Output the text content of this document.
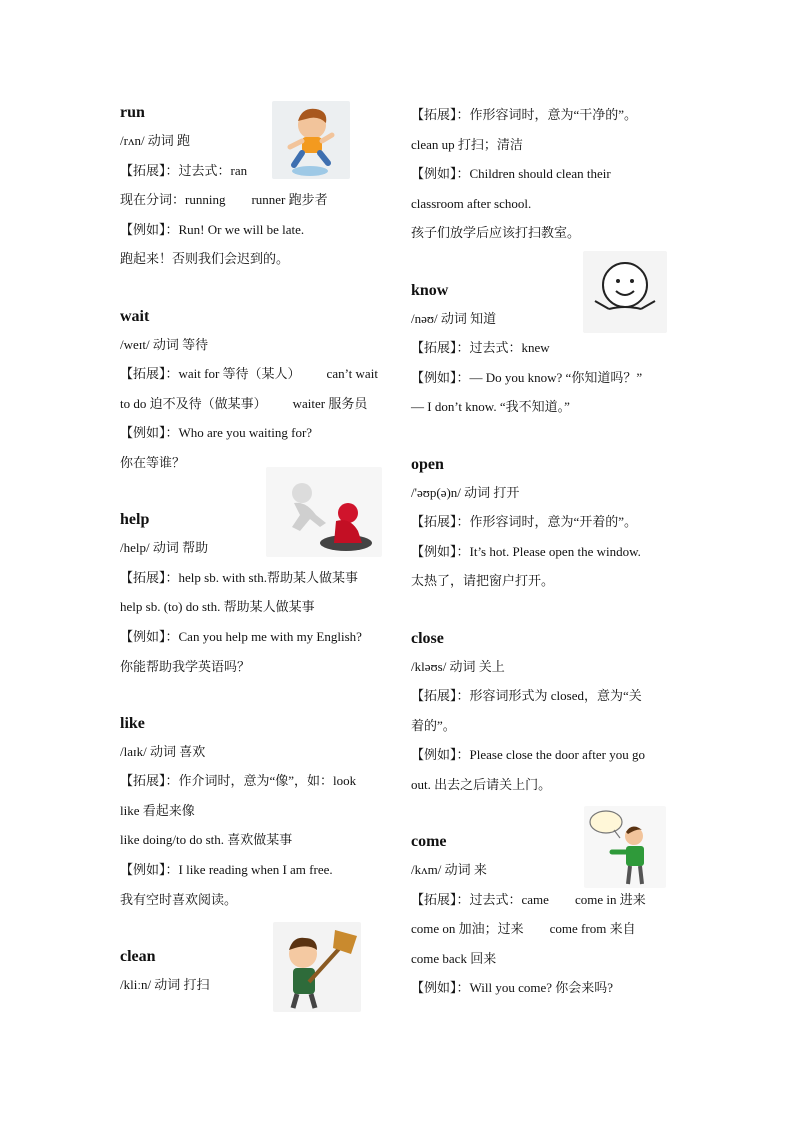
run
/rʌn/ 动词 跑
【拓展】：过去式：ran
现在分词：running runner 跑步者
【例如】：Run! Or we will be late.
跑起来！否则我们会迟到的。
wait
/weɪt/ 动词 等待
【拓展】：wait for 等待（某人） can’t wait
to do 迫不及待（做某事） waiter 服务员
【例如】：Who are you waiting for?
你在等谁？
help
/help/ 动词 帮助
【拓展】：help sb. with sth.帮助某人做某事
help sb. (to) do sth. 帮助某人做某事
【例如】：Can you help me with my English?
你能帮助我学英语吗？
like
/laɪk/ 动词 喜欢
【拓展】：作介词时，意为“像”，如：look
like 看起来像
like doing/to do sth. 喜欢做某事
【例如】：I like reading when I am free.
我有空时喜欢阅读。
clean
/kliːn/ 动词 打扫
【拓展】：作形容词时，意为“干净的”。
clean up 打扫；清洁
【例如】：Children should clean their
classroom after school.
孩子们放学后应该打扫教室。
know
/nəʊ/ 动词 知道
【拓展】：过去式：knew
【例如】：— Do you know? “你知道吗？”
— I don’t know. “我不知道。”
open
/'əʊp(ə)n/ 动词 打开
【拓展】：作形容词时，意为“开着的”。
【例如】：It’s hot. Please open the window.
太热了，请把窗户打开。
close
/kləʊs/ 动词 关上
【拓展】：形容词形式为 closed，意为“关
着的”。
【例如】：Please close the door after you go
out. 出去之后请关上门。
come
/kʌm/ 动词 来
【拓展】：过去式：came come in 进来
come on 加油；过来 come from 来自
come back 回来
【例如】：Will you come? 你会来吗?
